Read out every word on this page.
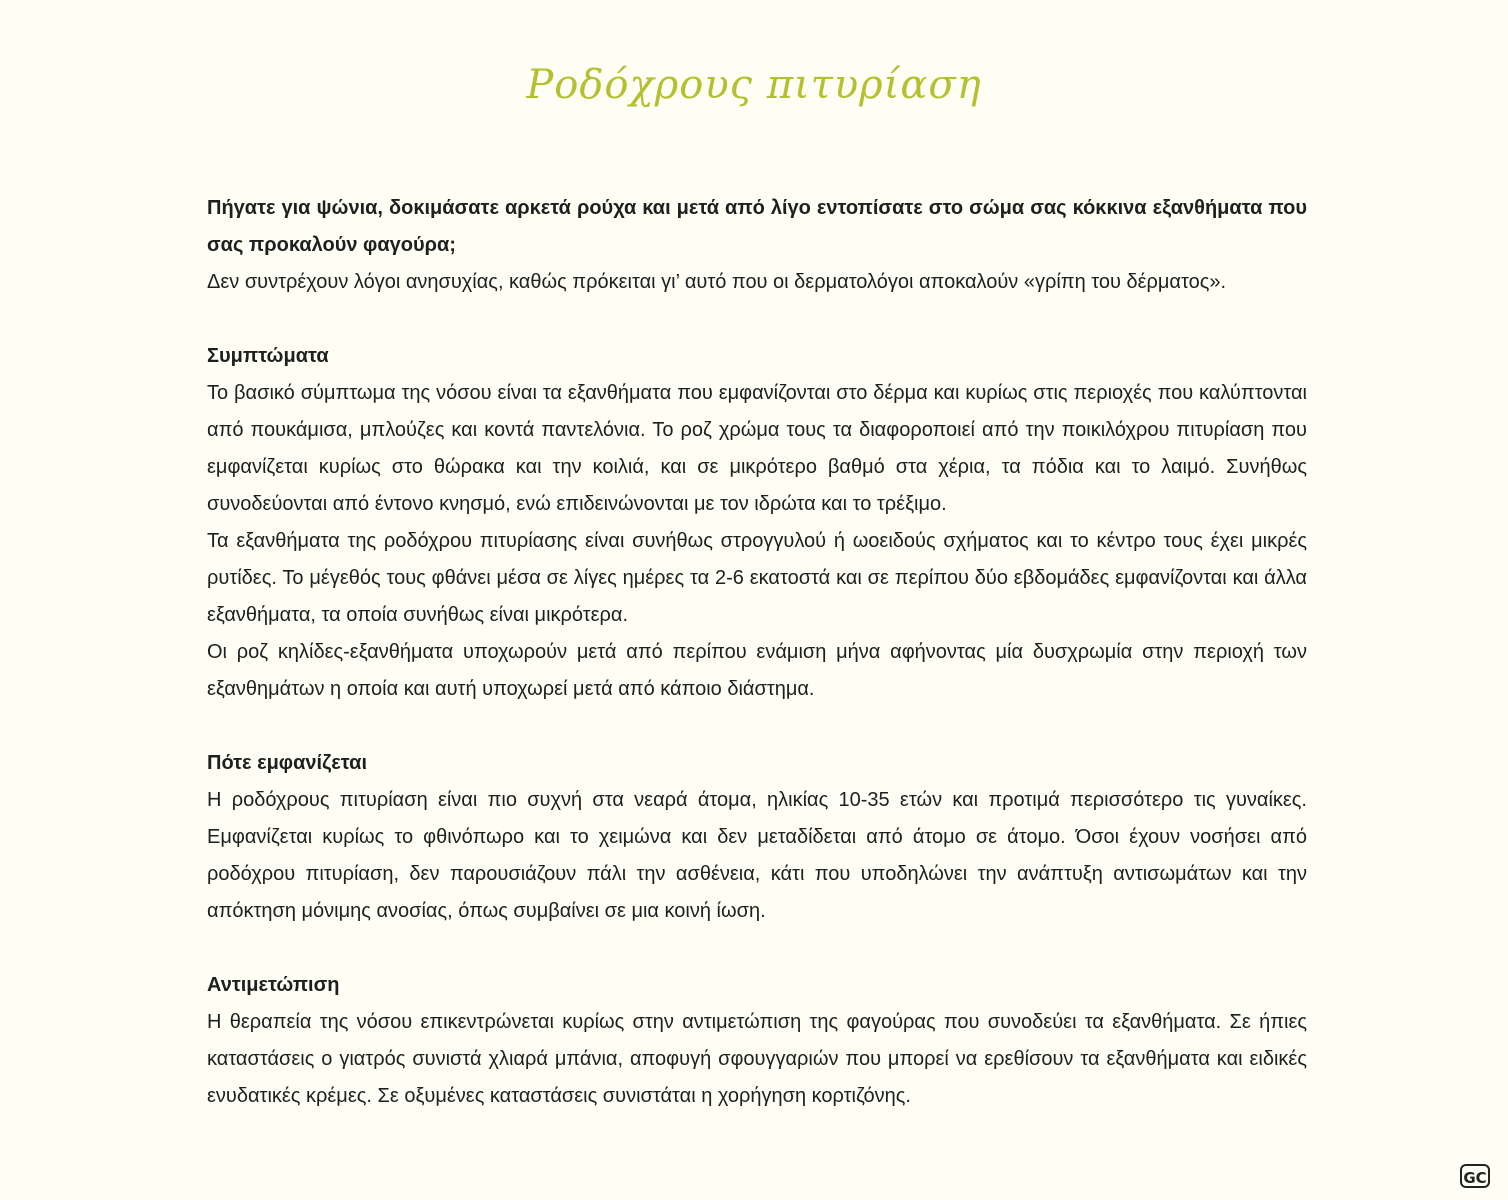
Ροδόχρους πιτυρίαση

Πήγατε για ψώνια, δοκιμάσατε αρκετά ρούχα και μετά από λίγο εντοπίσατε στο σώμα σας κόκκινα εξανθήματα που σας προκαλούν φαγούρα;

Δεν συντρέχουν λόγοι ανησυχίας, καθώς πρόκειται γι’ αυτό που οι δερματολόγοι αποκαλούν «γρίπη του δέρματος».

Συμπτώματα

Το βασικό σύμπτωμα της νόσου είναι τα εξανθήματα που εμφανίζονται στο δέρμα και κυρίως στις περιοχές που καλύπτονται από πουκάμισα, μπλούζες και κοντά παντελόνια. Το ροζ χρώμα τους τα διαφοροποιεί από την ποικιλόχρου πιτυρίαση που εμφανίζεται κυρίως στο θώρακα και την κοιλιά, και σε μικρότερο βαθμό στα χέρια, τα πόδια και το λαιμό. Συνήθως συνοδεύονται από έντονο κνησμό, ενώ επιδεινώνονται με τον ιδρώτα και το τρέξιμο.

Τα εξανθήματα της ροδόχρου πιτυρίασης είναι συνήθως στρογγυλού ή ωοειδούς σχήματος και το κέντρο τους έχει μικρές ρυτίδες. Το μέγεθός τους φθάνει μέσα σε λίγες ημέρες τα 2-6 εκατοστά και σε περίπου δύο εβδομάδες εμφανίζονται και άλλα εξανθήματα, τα οποία συνήθως είναι μικρότερα.

Οι ροζ κηλίδες-εξανθήματα υποχωρούν μετά από περίπου ενάμιση μήνα αφήνοντας μία δυσχρωμία στην περιοχή των εξανθημάτων η οποία και αυτή υποχωρεί μετά από κάποιο διάστημα.

Πότε εμφανίζεται

Η ροδόχρους πιτυρίαση είναι πιο συχνή στα νεαρά άτομα, ηλικίας 10-35 ετών και προτιμά περισσότερο τις γυναίκες. Εμφανίζεται κυρίως το φθινόπωρο και το χειμώνα και δεν μεταδίδεται από άτομο σε άτομο. Όσοι έχουν νοσήσει από ροδόχρου πιτυρίαση, δεν παρουσιάζουν πάλι την ασθένεια, κάτι που υποδηλώνει την ανάπτυξη αντισωμάτων και την απόκτηση μόνιμης ανοσίας, όπως συμβαίνει σε μια κοινή ίωση.

Αντιμετώπιση

Η θεραπεία της νόσου επικεντρώνεται κυρίως στην αντιμετώπιση της φαγούρας που συνοδεύει τα εξανθήματα. Σε ήπιες καταστάσεις ο γιατρός συνιστά χλιαρά μπάνια, αποφυγή σφουγγαριών που μπορεί να ερεθίσουν τα εξανθήματα και ειδικές ενυδατικές κρέμες. Σε οξυμένες καταστάσεις συνιστάται η χορήγηση κορτιζόνης.

GC
